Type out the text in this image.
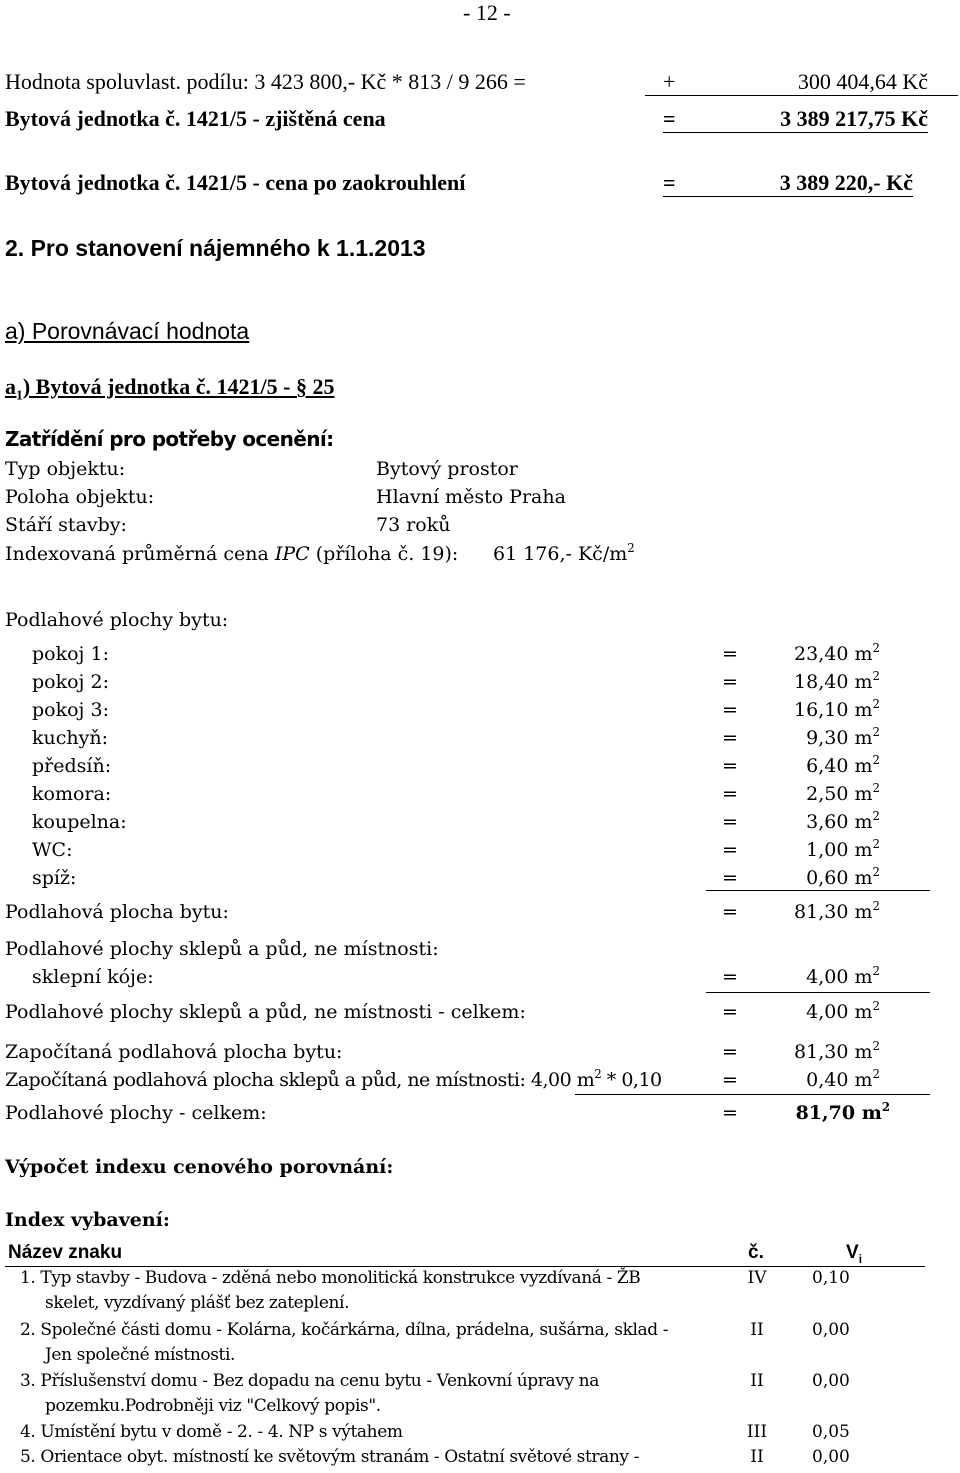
- 12 -
Hodnota spoluvlast. podílu: 3 423 800,- Kč * 813 / 9 266 =	+	300 404,64 Kč
Bytová jednotka č. 1421/5 - zjištěná cena	=	3 389 217,75 Kč
Bytová jednotka č. 1421/5 - cena po zaokrouhlení	=	3 389 220,- Kč
2. Pro stanovení nájemného k 1.1.2013
a) Porovnávací hodnota
$a_1$) Bytová jednotka č. 1421/5 - § 25
Zatřídění pro potřeby ocenění:
Typ objektu:	Bytový prostor
Poloha objektu:	Hlavní město Praha
Stáří stavby:	73 roků
Indexovaná průměrná cena IPC (příloha č. 19): 61 176,- $Kč/m^2$
Podlahové plochy bytu:
pokoj 1:	=	23,40 $m^2$
pokoj 2:	=	18,40 $m^2$
pokoj 3:	=	16,10 $m^2$
kuchyň:	=	9,30 $m^2$
předsíň:	=	6,40 $m^2$
komora:	=	2,50 $m^2$
koupelna:	=	3,60 $m^2$
WC:	=	1,00 $m^2$
spíž:	=	0,60 $m^2$
Podlahová plocha bytu:	=	81,30 $m^2$
Podlahové plochy sklepů a půd, ne místnosti:
sklepní kóje:	=	4,00 $m^2$
Podlahové plochy sklepů a půd, ne místnosti - celkem:	=	4,00 $m^2$
Započítaná podlahová plocha bytu:	=	81,30 $m^2$
Započítaná podlahová plocha sklepů a půd, ne místnosti: 4,00 $m^2 * 0,10$	=	0,40 $m^2$
Podlahové plochy - celkem:	=	81,70 $m^2$
Výpočet indexu cenového porovnání:
Index vybavení:
Název znaku	č.	$V_i$
1. Typ stavby - Budova - zděná nebo monolitická konstrukce vyzdívaná - ŽB
skelet, vyzdívaný plášť bez zateplení.
IV	0,10
2. Společné části domu - Kolárna, kočárkárna, dílna, prádelna, sušárna, sklad -
Jen společné místnosti.
II	0,00
3. Příslušenství domu - Bez dopadu na cenu bytu - Venkovní úpravy na
pozemku.Podrobněji viz "Celkový popis".
II	0,00
4. Umístění bytu v domě - 2. - 4. NP s výtahem	III	0,05
5. Orientace obyt. místností ke světovým stranám - Ostatní světové strany -	II	0,00
